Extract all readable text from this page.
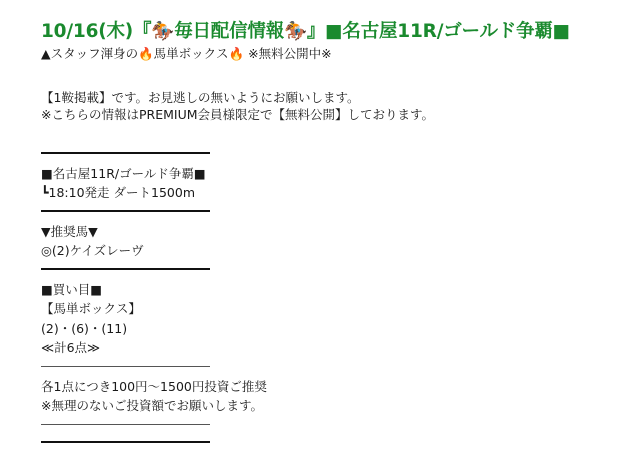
10/16(木)『🏇毎日配信情報🏇』■名古屋11R/ゴールド争覇■
▲スタッフ渾身の🔥馬単ボックス🔥 ※無料公開中※
【1鞍掲載】です。お見逃しの無いようにお願いします。
※こちらの情報はPREMIUM会員様限定で【無料公開】しております。
■名古屋11R/ゴールド争覇■
┗18:10発走 ダート1500m
▼推奨馬▼
◎(2)ケイズレーヴ
■買い目■
【馬単ボックス】
(2)・(6)・(11)
≪計6点≫
各1点につき100円～1500円投資ご推奨
※無理のないご投資額でお願いします。
